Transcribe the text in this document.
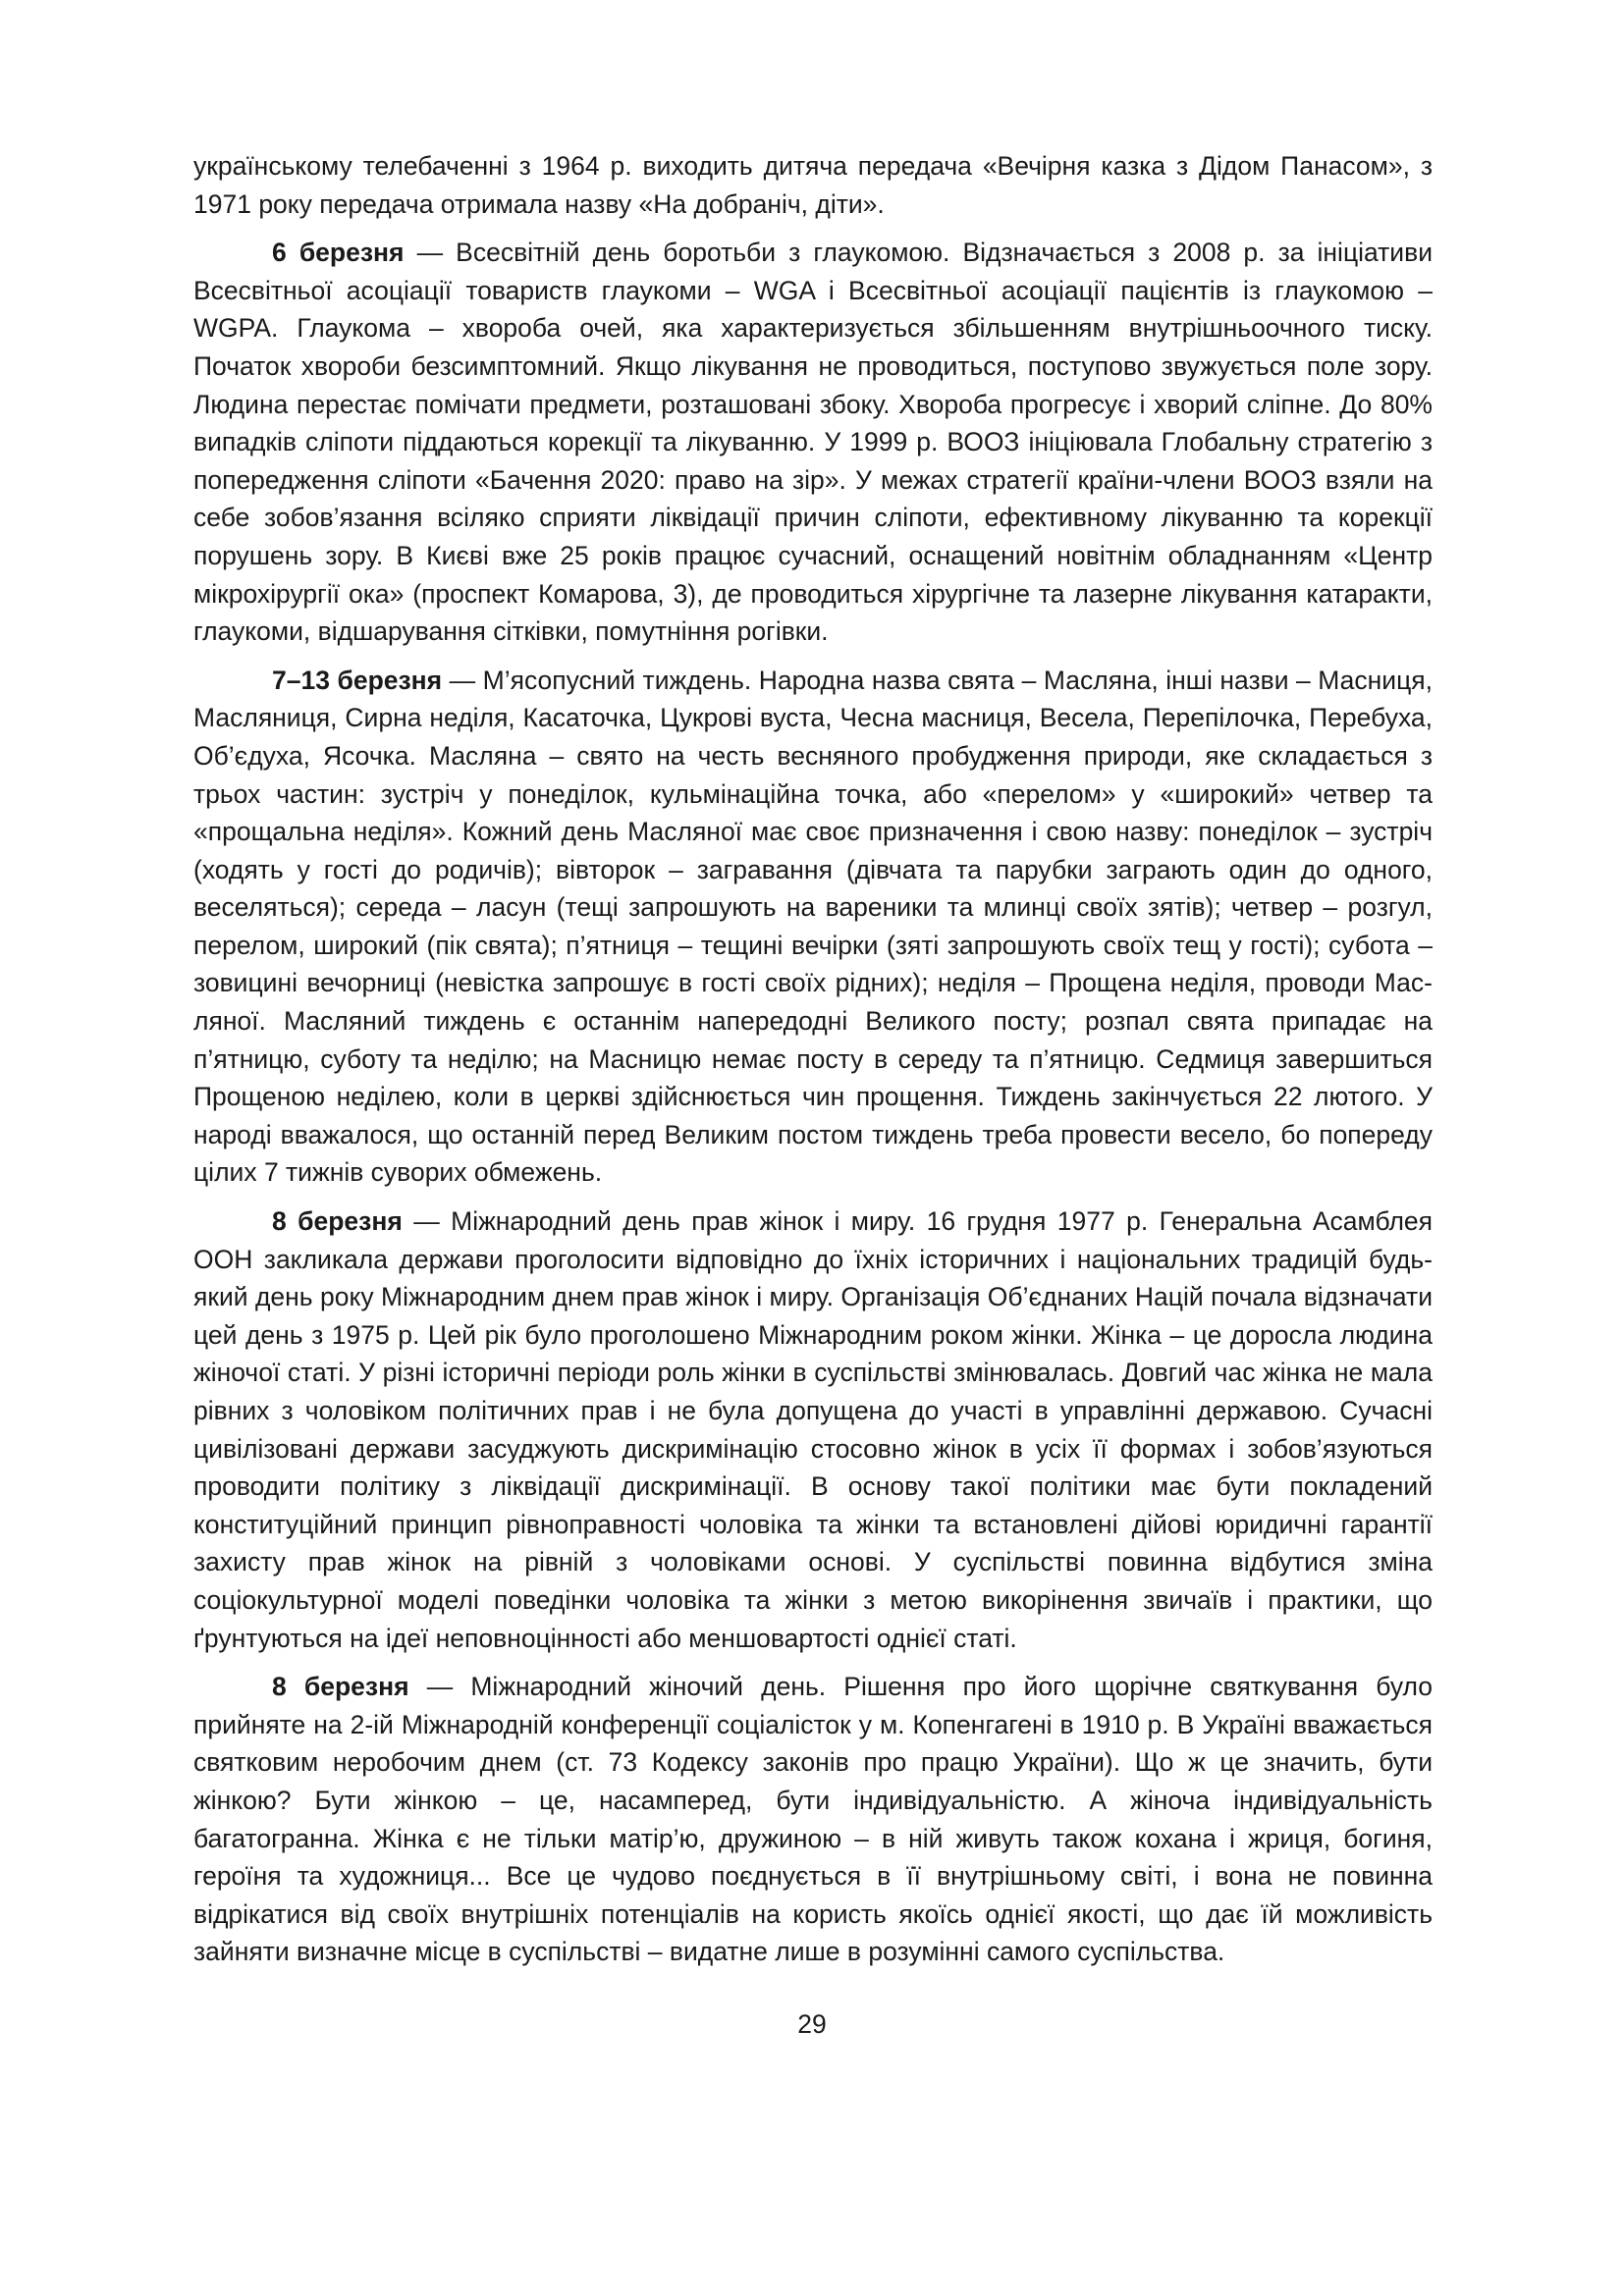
українському телебаченні з 1964 р. виходить дитяча передача «Вечірня казка з Дідом Панасом», з 1971 року передача отримала назву «На добраніч, діти».

6 березня — Всесвітній день боротьби з глаукомою. Відзначається з 2008 р. за ініціативи Всесвітньої асоціації товариств глаукоми – WGA і Всесвітньої асоціації пацієнтів із глаукомою – WGPA. Глаукома – хвороба очей, яка характеризується збільшенням внутрішньоочного тиску. Початок хвороби безсимптомний. Якщо лікування не проводиться, поступово звужується поле зору. Людина перестає помічати предмети, розташовані збоку. Хвороба прогресує і хворий сліпне. До 80% випадків сліпоти піддаються корекції та лікуванню. У 1999 р. ВООЗ ініціювала Глобальну стратегію з попередження сліпоти «Бачення 2020: право на зір». У межах стратегії країни-члени ВООЗ взяли на себе зобов’язання всіляко сприяти ліквідації причин сліпоти, ефективному лікуванню та корекції порушень зору. В Києві вже 25 років працює сучасний, оснащений новітнім обладнанням «Центр мікрохірургії ока» (проспект Комарова, 3), де проводиться хірургічне та лазерне лікування катаракти, глаукоми, відшарування сітківки, помутніння рогівки.

7–13 березня — М’ясопусний тиждень. Народна назва свята – Масляна, інші назви – Масниця, Масляниця, Сирна неділя, Касаточка, Цукрові вуста, Чесна масниця, Весела, Перепілочка, Перебуха, Об’єдуха, Ясочка. Масляна – свято на честь весняного пробудження природи, яке складається з трьох частин: зустріч у понеділок, кульмінаційна точка, або «перелом» у «широкий» четвер та «прощальна неділя». Кожний день Масляної має своє призначення і свою назву: понеділок – зустріч (ходять у гості до родичів); вівторок – загравання (дівчата та парубки заграють один до одного, веселяться); середа – ласун (тещі запрошують на вареники та млинці своїх зятів); четвер – розгул, перелом, широкий (пік свята); п’ятниця – тещині вечірки (зяті запрошують своїх тещ у гості); субота – зовицині вечорниці (невістка запрошує в гості своїх рідних); неділя – Прощена неділя, проводи Масляної. Масляний тиждень є останнім напередодні Великого посту; розпал свята припадає на п’ятницю, суботу та неділю; на Масницю немає посту в середу та п’ятницю. Седмиця завершиться Прощеною неділею, коли в церкві здійснюється чин прощення. Тиждень закінчується 22 лютого. У народі вважалося, що останній перед Великим постом тиждень треба провести весело, бо попереду цілих 7 тижнів суворих обмежень.

8 березня — Міжнародний день прав жінок і миру. 16 грудня 1977 р. Генеральна Асамблея ООН закликала держави проголосити відповідно до їхніх історичних і національних традицій будь-який день року Міжнародним днем прав жінок і миру. Організація Об’єднаних Націй почала відзначати цей день з 1975 р. Цей рік було проголошено Міжнародним роком жінки. Жінка – це доросла людина жіночої статі. У різні історичні періоди роль жінки в суспільстві змінювалась. Довгий час жінка не мала рівних з чоловіком політичних прав і не була допущена до участі в управлінні державою. Сучасні цивілізовані держави засуджують дискримінацію стосовно жінок в усіх її формах і зобов’язуються проводити політику з ліквідації дискримінації. В основу такої політики має бути покладений конституційний принцип рівноправності чоловіка та жінки та встановлені дійові юридичні гарантії захисту прав жінок на рівній з чоловіками основі. У суспільстві повинна відбутися зміна соціокультурної моделі поведінки чоловіка та жінки з метою викорінення звичаїв і практики, що ґрунтуються на ідеї неповноцінності або меншовартості однієї статі.

8 березня — Міжнародний жіночий день. Рішення про його щорічне святкування було прийняте на 2-ій Міжнародній конференції соціалісток у м. Копенгагені в 1910 р. В Україні вважається святковим неробочим днем (ст. 73 Кодексу законів про працю України). Що ж це значить, бути жінкою? Бути жінкою – це, насамперед, бути індивідуальністю. А жіноча індивідуальність багатогранна. Жінка є не тільки матір’ю, дружиною – в ній живуть також кохана і жриця, богиня, героїня та художниця... Все це чудово поєднується в її внутрішньому світі, і вона не повинна відрікатися від своїх внутрішніх потенціалів на користь якоїсь однієї якості, що дає їй можливість зайняти визначне місце в суспільстві – видатне лише в розумінні самого суспільства.

29
